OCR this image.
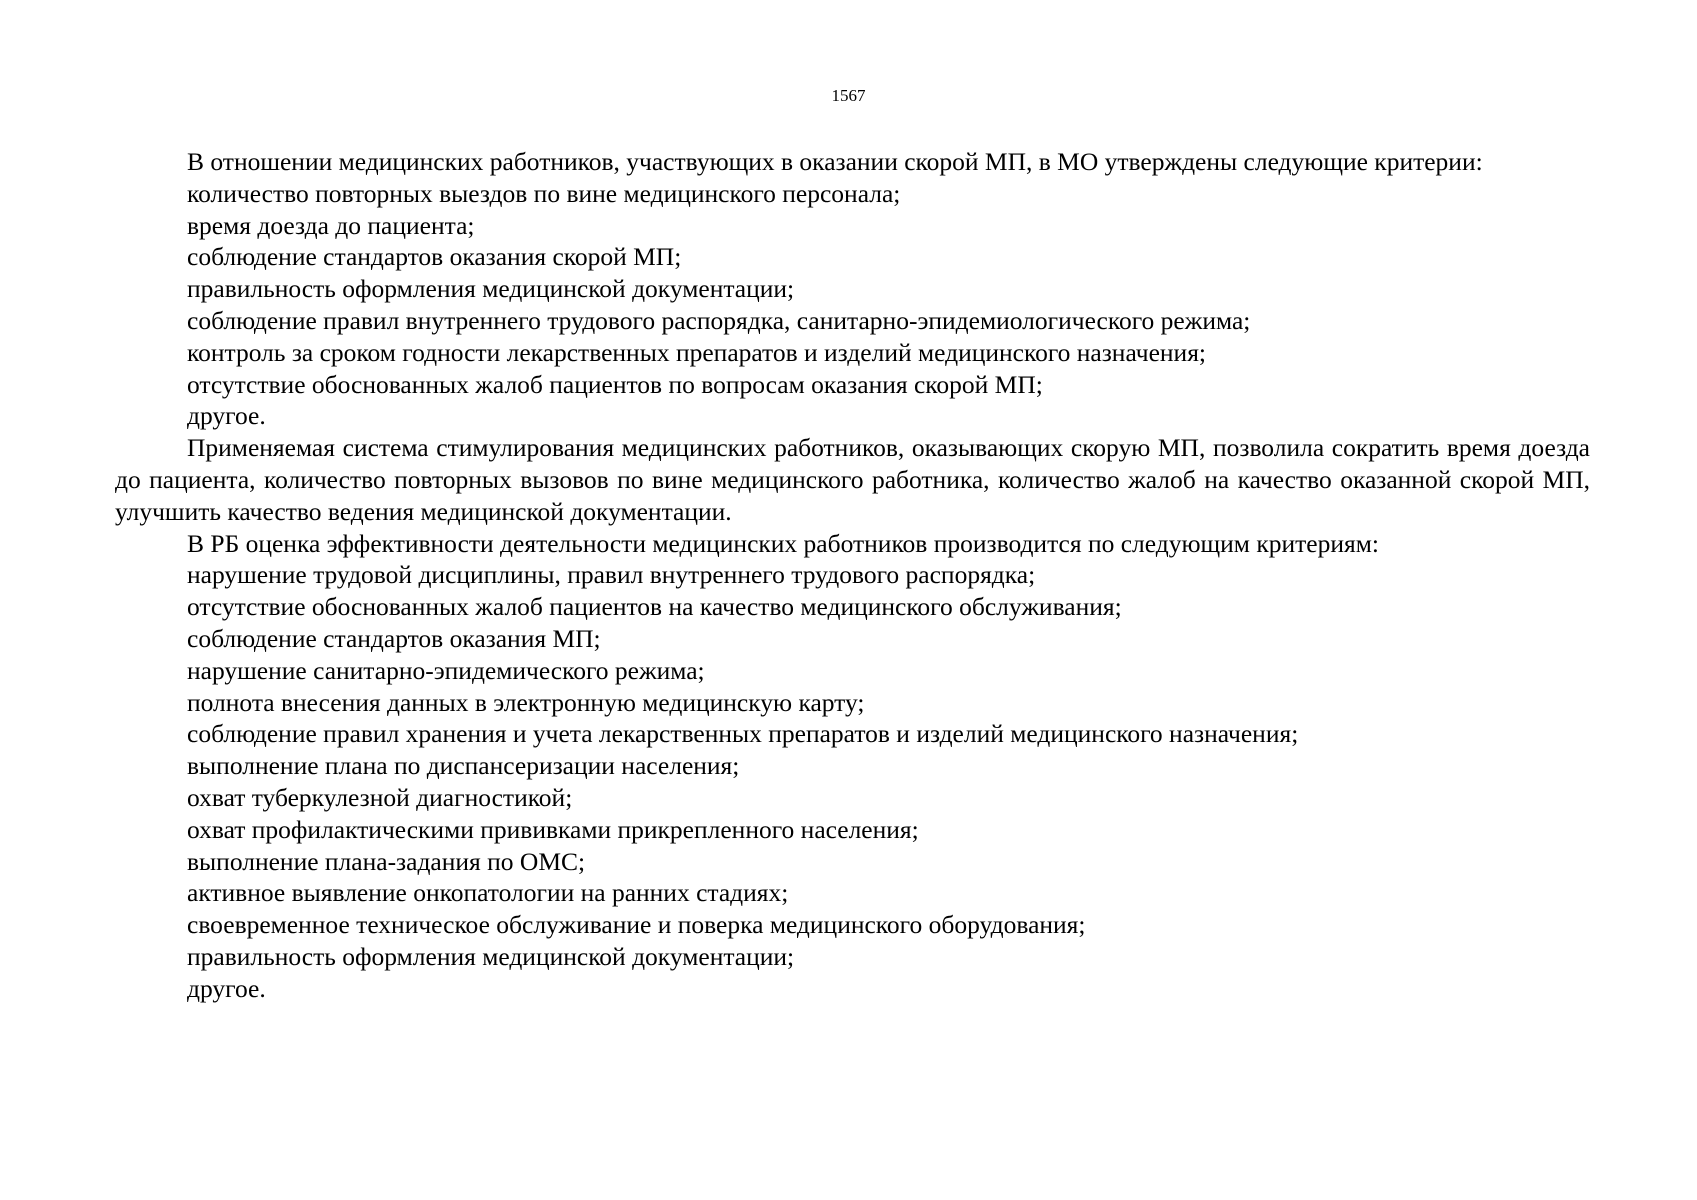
1567

В отношении медицинских работников, участвующих в оказании скорой МП, в МО утверждены следующие критерии:

количество повторных выездов по вине медицинского персонала;
время доезда до пациента;
соблюдение стандартов оказания скорой МП;
правильность оформления медицинской документации;
соблюдение правил внутреннего трудового распорядка, санитарно-эпидемиологического режима;
контроль за сроком годности лекарственных препаратов и изделий медицинского назначения;
отсутствие обоснованных жалоб пациентов по вопросам оказания скорой МП;
другое.

Применяемая система стимулирования медицинских работников, оказывающих скорую МП, позволила сократить время доезда до пациента, количество повторных вызовов по вине медицинского работника, количество жалоб на качество оказанной скорой МП, улучшить качество ведения медицинской документации.

В РБ оценка эффективности деятельности медицинских работников производится по следующим критериям:

нарушение трудовой дисциплины, правил внутреннего трудового распорядка;
отсутствие обоснованных жалоб пациентов на качество медицинского обслуживания;
соблюдение стандартов оказания МП;
нарушение санитарно-эпидемического режима;
полнота внесения данных в электронную медицинскую карту;
соблюдение правил хранения и учета лекарственных препаратов и изделий медицинского назначения;
выполнение плана по диспансеризации населения;
охват туберкулезной диагностикой;
охват профилактическими прививками прикрепленного населения;
выполнение плана-задания по ОМС;
активное выявление онкопатологии на ранних стадиях;
своевременное техническое обслуживание и поверка медицинского оборудования;
правильность оформления медицинской документации;
другое.
